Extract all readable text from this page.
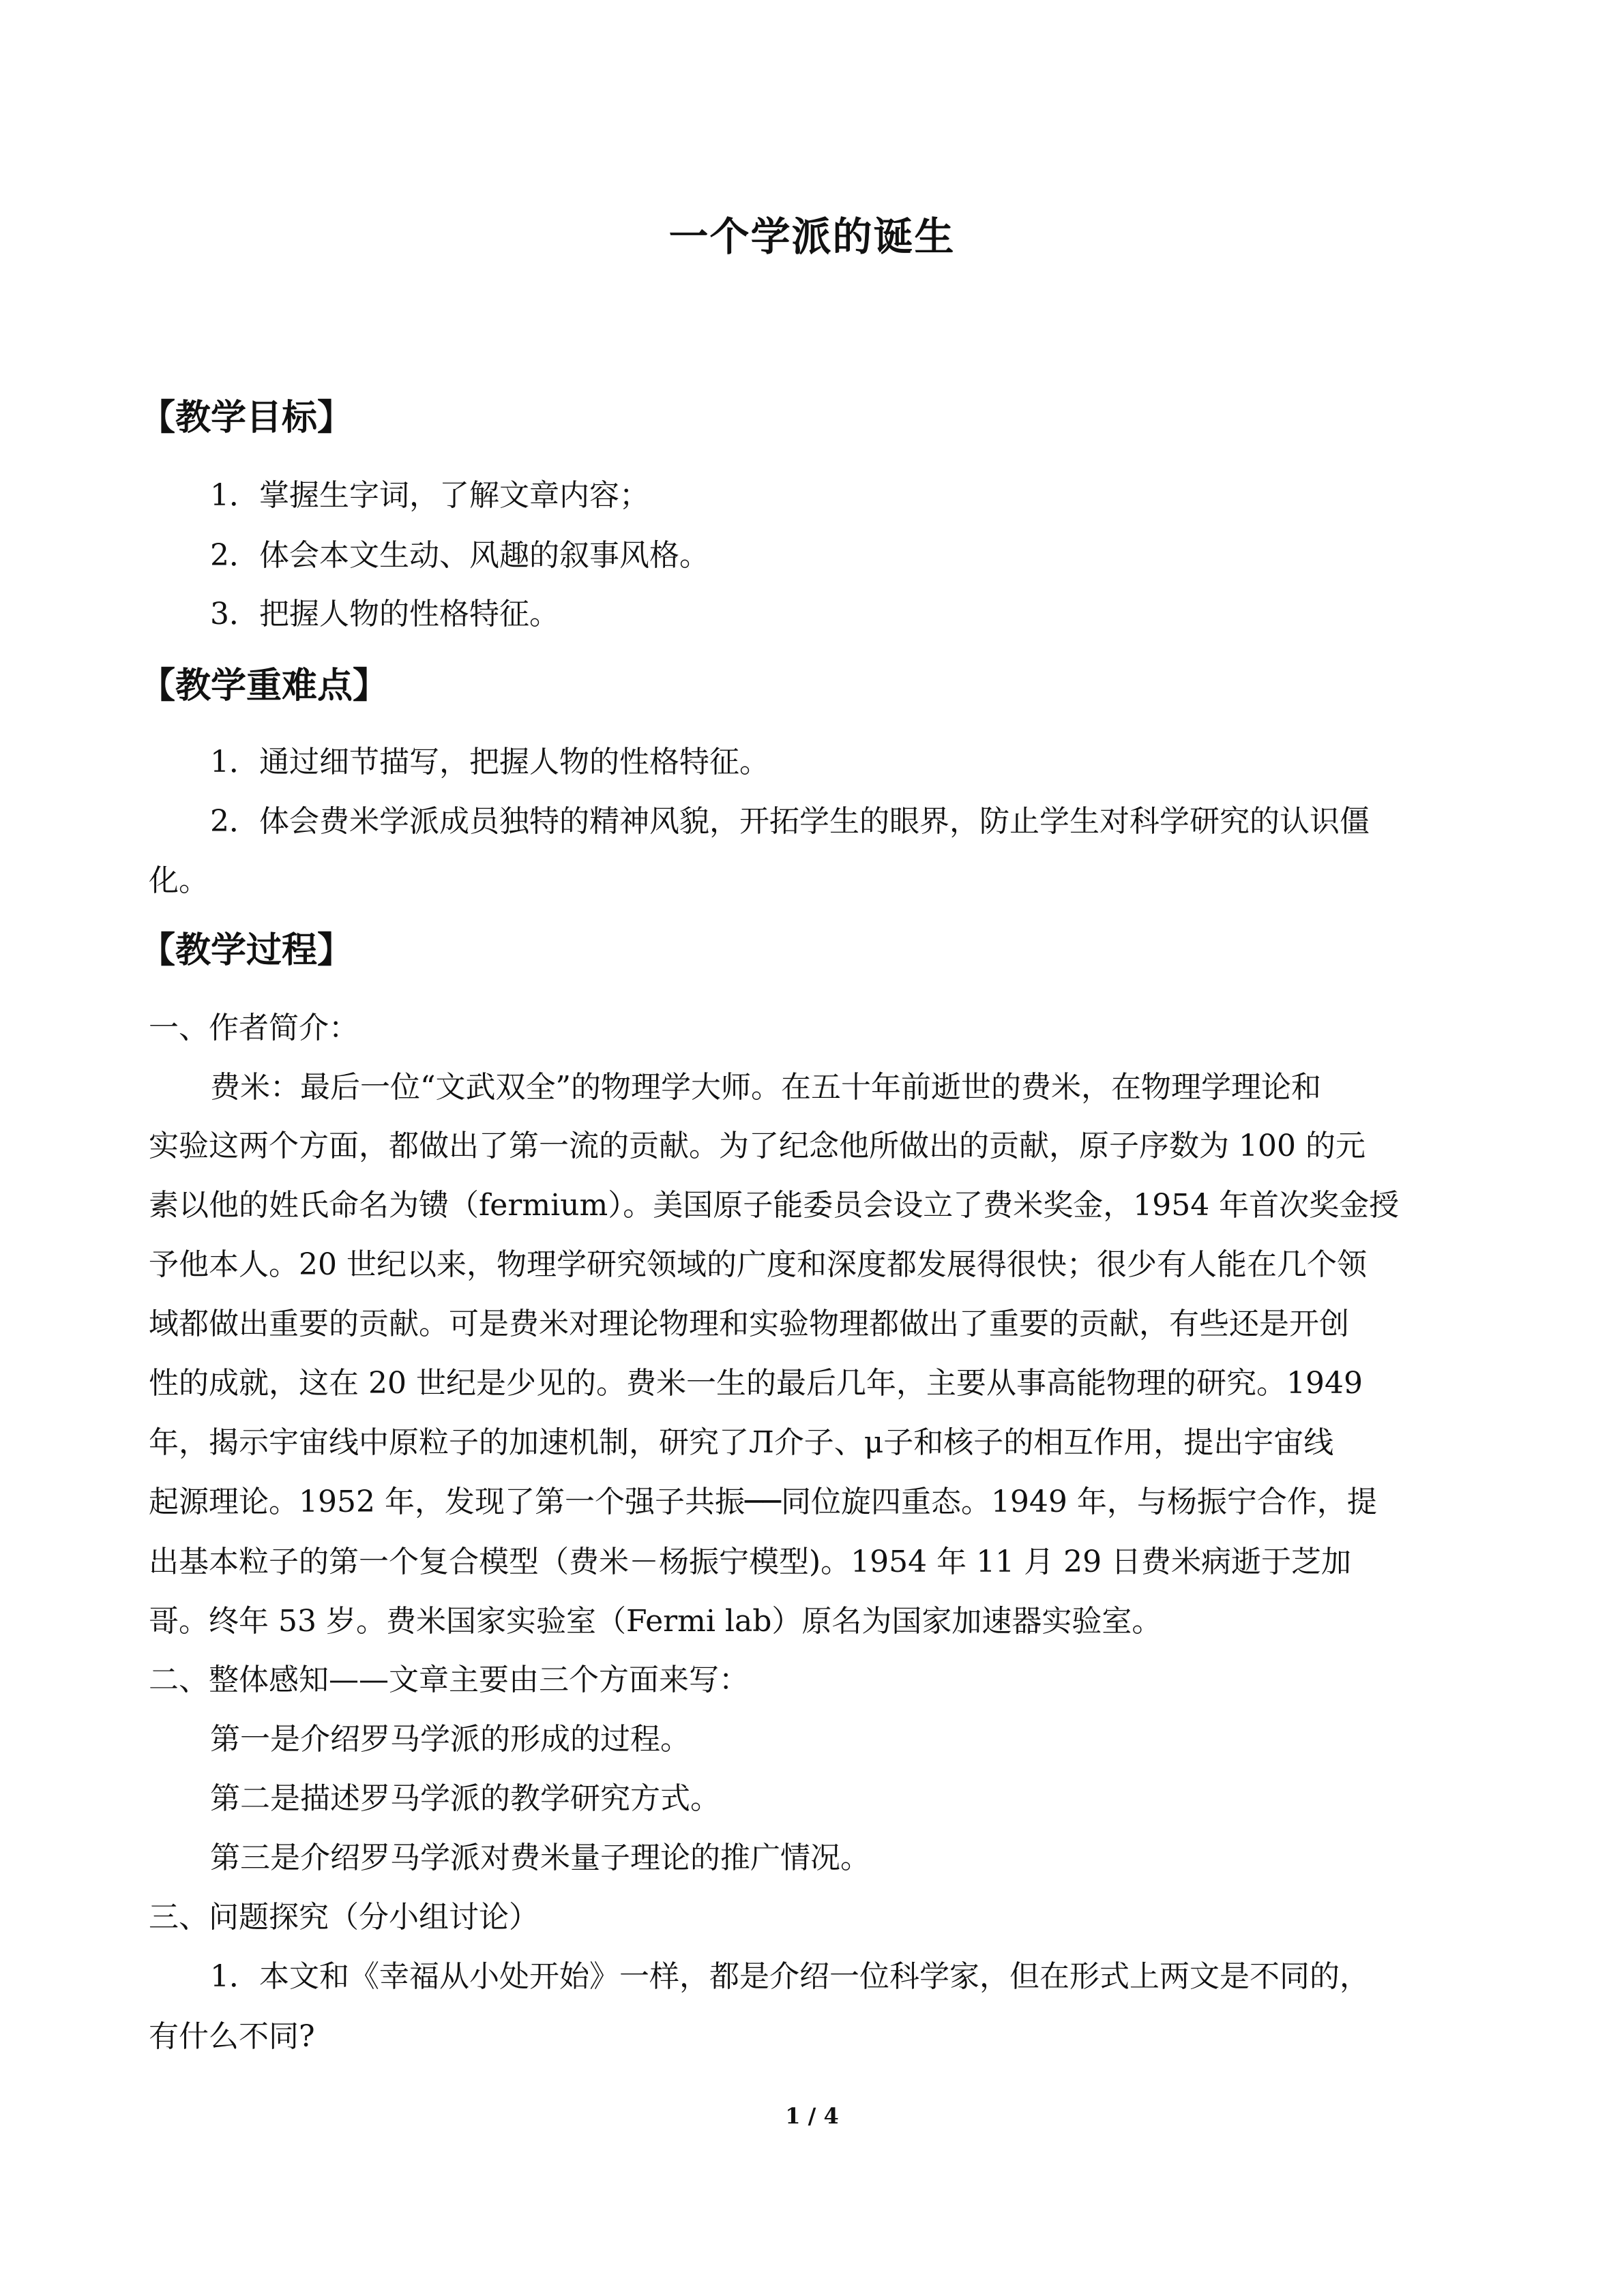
一个学派的诞生
【教学目标】
1．掌握生字词，了解文章内容；
2．体会本文生动、风趣的叙事风格。
3．把握人物的性格特征。
【教学重难点】
1．通过细节描写，把握人物的性格特征。
2．体会费米学派成员独特的精神风貌，开拓学生的眼界，防止学生对科学研究的认识僵
化。
【教学过程】
一、作者简介：
费米：最后一位“文武双全”的物理学大师。在五十年前逝世的费米，在物理学理论和
实验这两个方面，都做出了第一流的贡献。为了纪念他所做出的贡献，原子序数为 100 的元
素以他的姓氏命名为镄（fermium）。美国原子能委员会设立了费米奖金，1954 年首次奖金授
予他本人。20 世纪以来，物理学研究领域的广度和深度都发展得很快；很少有人能在几个领
域都做出重要的贡献。可是费米对理论物理和实验物理都做出了重要的贡献，有些还是开创
性的成就，这在 20 世纪是少见的。费米一生的最后几年，主要从事高能物理的研究。1949
年，揭示宇宙线中原粒子的加速机制，研究了Л介子、μ子和核子的相互作用，提出宇宙线
起源理论。1952 年，发现了第一个强子共振──同位旋四重态。1949 年，与杨振宁合作，提
出基本粒子的第一个复合模型（费米－杨振宁模型)。1954 年 11 月 29 日费米病逝于芝加
哥。终年 53 岁。费米国家实验室（Fermi lab）原名为国家加速器实验室。
二、整体感知——文章主要由三个方面来写：
第一是介绍罗马学派的形成的过程。
第二是描述罗马学派的教学研究方式。
第三是介绍罗马学派对费米量子理论的推广情况。
三、问题探究（分小组讨论）
1．本文和《幸福从小处开始》一样，都是介绍一位科学家，但在形式上两文是不同的，
有什么不同?
1 / 4
